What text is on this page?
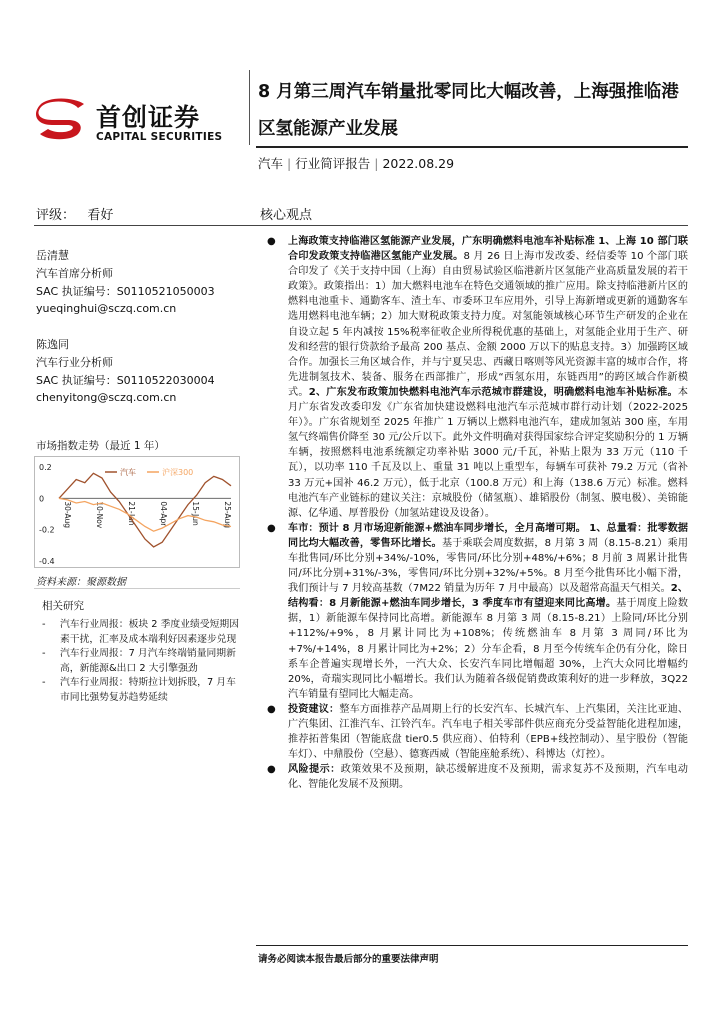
首创证券
CAPITAL SECURITIES
8 月第三周汽车销量批零同比大幅改善，上海强推临港区氢能源产业发展
汽车 | 行业简评报告 | 2022.08.29
评级： 看好	核心观点
岳清慧
汽车首席分析师
SAC 执证编号：S0110521050003
yueqinghui@sczq.com.cn
陈逸同
汽车行业分析师
SAC 执证编号：S0110522030004
chenyitong@sczq.com.cn
市场指数走势（最近 1 年）
0.2
0
-0.2
-0.4
30-Aug	10-Nov	21-Jan	04-Apr	15-Jun	25-Aug
汽车	沪深300
资料来源：聚源数据
相关研究
- 汽车行业周报：板块 2 季度业绩受短期因素干扰，汇率及成本端利好因素逐步兑现
- 汽车行业周报：7 月汽车终端销量同期新高，新能源&出口 2 大引擎强劲
- 汽车行业周报：特斯拉计划拆股，7 月车市同比强势复苏趋势延续
● 上海政策支持临港区氢能源产业发展，广东明确燃料电池车补贴标准 1、上海 10 部门联合印发政策支持临港区氢能产业发展。8 月 26 日上海市发改委、经信委等 10 个部门联合印发了《关于支持中国（上海）自由贸易试验区临港新片区氢能产业高质量发展的若干政策》。政策指出：1）加大燃料电池车在特色交通领域的推广应用。除支持临港新片区的燃料电池重卡、通勤客车、渣土车、市委环卫车应用外，引导上海新增或更新的通勤客车选用燃料电池车辆；2）加大财税政策支持力度。对氢能领域核心环节生产研发的企业在自设立起 5 年内减按 15%税率征收企业所得税优惠的基础上，对氢能企业用于生产、研发和经营的银行贷款给予最高 200 基点、金额 2000 万以下的贴息支持。3）加强跨区域合作。加强长三角区域合作，并与宁夏吴忠、西藏日喀则等风光资源丰富的城市合作，将先进制氢技术、装备、服务在西部推广，形成“西氢东用，东链西用”的跨区域合作新模式。2、广东发布政策加快燃料电池汽车示范城市群建设，明确燃料电池车补贴标准。本月广东省发改委印发《广东省加快建设燃料电池汽车示范城市群行动计划（2022-2025 年）》。广东省规划至 2025 年推广 1 万辆以上燃料电池汽车，建成加氢站 300 座，车用氢气终端售价降至 30 元/公斤以下。此外文件明确对获得国家综合评定奖励积分的 1 万辆车辆，按照燃料电池系统额定功率补贴 3000 元/千瓦，补贴上限为 33 万元（110 千瓦），以功率 110 千瓦及以上、重量 31 吨以上重型车，每辆车可获补 79.2 万元（省补 33 万元+国补 46.2 万元），低于北京（100.8 万元）和上海（138.6 万元）标准。燃料电池汽车产业链标的建议关注：京城股份（储氢瓶）、雄韬股份（制氢、膜电极）、美锦能源、亿华通、厚普股份（加氢站建设及设备）。
● 车市：预计 8 月市场迎新能源+燃油车同步增长，全月高增可期。 1、总量看：批零数据同比均大幅改善，零售环比增长。基于乘联会周度数据，8 月第 3 周（8.15-8.21）乘用车批售同/环比分别+34%/-10%，零售同/环比分别+48%/+6%；8 月前 3 周累计批售同/环比分别+31%/-3%，零售同/环比分别+32%/+5%。8 月至今批售环比小幅下滑，我们预计与 7 月较高基数（7M22 销量为历年 7 月中最高）以及超常高温天气相关。2、结构看：8 月新能源+燃油车同步增长，3 季度车市有望迎来同比高增。基于周度上险数据，1）新能源车保持同比高增。新能源车 8 月第 3 周（8.15-8.21）上险同/环比分别+112%/+9%，8 月累计同比为+108%；传统燃油车 8 月第 3 周同/环比为+7%/+14%，8 月累计同比为+2%；2）分车企看，8 月至今传统车企仍有分化，除日系车企普遍实现增长外，一汽大众、长安汽车同比增幅超 30%，上汽大众同比增幅约 20%，奇瑞实现同比小幅增长。我们认为随着各级促销费政策利好的进一步释放，3Q22 汽车销量有望同比大幅走高。
● 投资建议：整车方面推荐产品周期上行的长安汽车、长城汽车、上汽集团，关注比亚迪、广汽集团、江淮汽车、江铃汽车。汽车电子相关零部件供应商充分受益智能化进程加速，推荐拓普集团（智能底盘 tier0.5 供应商）、伯特利（EPB+线控制动）、星宇股份（智能车灯）、中鼎股份（空悬）、德赛西威（智能座舱系统）、科博达（灯控）。
● 风险提示：政策效果不及预期，缺芯缓解进度不及预期，需求复苏不及预期，汽车电动化、智能化发展不及预期。
请务必阅读本报告最后部分的重要法律声明
